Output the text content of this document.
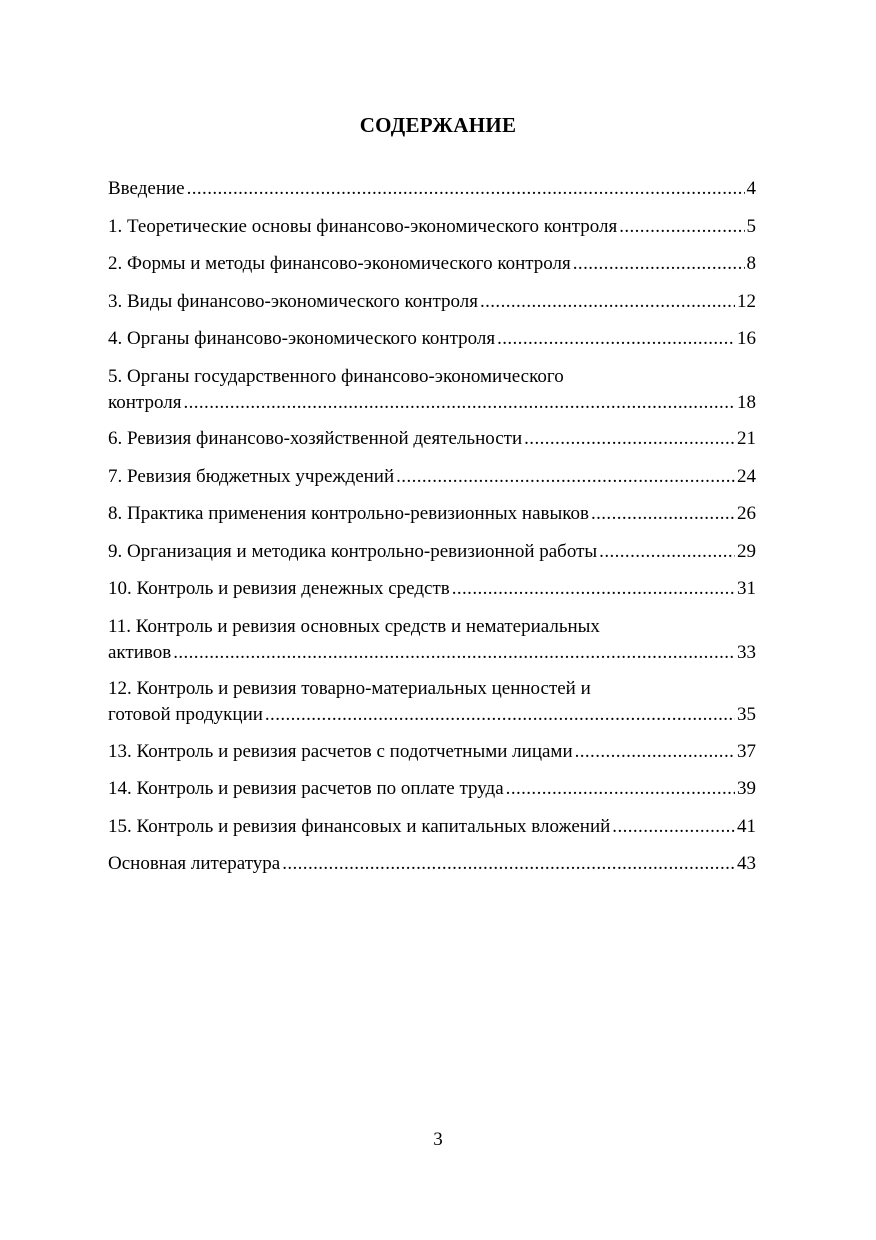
СОДЕРЖАНИЕ
Введение .....	4
1. Теоретические основы финансово-экономического контроля .....	5
2. Формы и методы финансово-экономического контроля .....	8
3. Виды финансово-экономического контроля .....	12
4. Органы финансово-экономического контроля .....	16
5. Органы государственного финансово-экономического
контроля .....	18
6. Ревизия финансово-хозяйственной деятельности .....	21
7. Ревизия бюджетных учреждений .....	24
8. Практика применения контрольно-ревизионных навыков .....	26
9. Организация и методика контрольно-ревизионной работы .....	29
10. Контроль и ревизия денежных средств .....	31
11. Контроль и ревизия основных средств и нематериальных
активов .....	33
12. Контроль и ревизия товарно-материальных ценностей и
готовой продукции .....	35
13. Контроль и ревизия расчетов с подотчетными лицами .....	37
14. Контроль и ревизия расчетов по оплате труда .....	39
15. Контроль и ревизия финансовых и капитальных вложений .....	41
Основная литература .....	43

3
